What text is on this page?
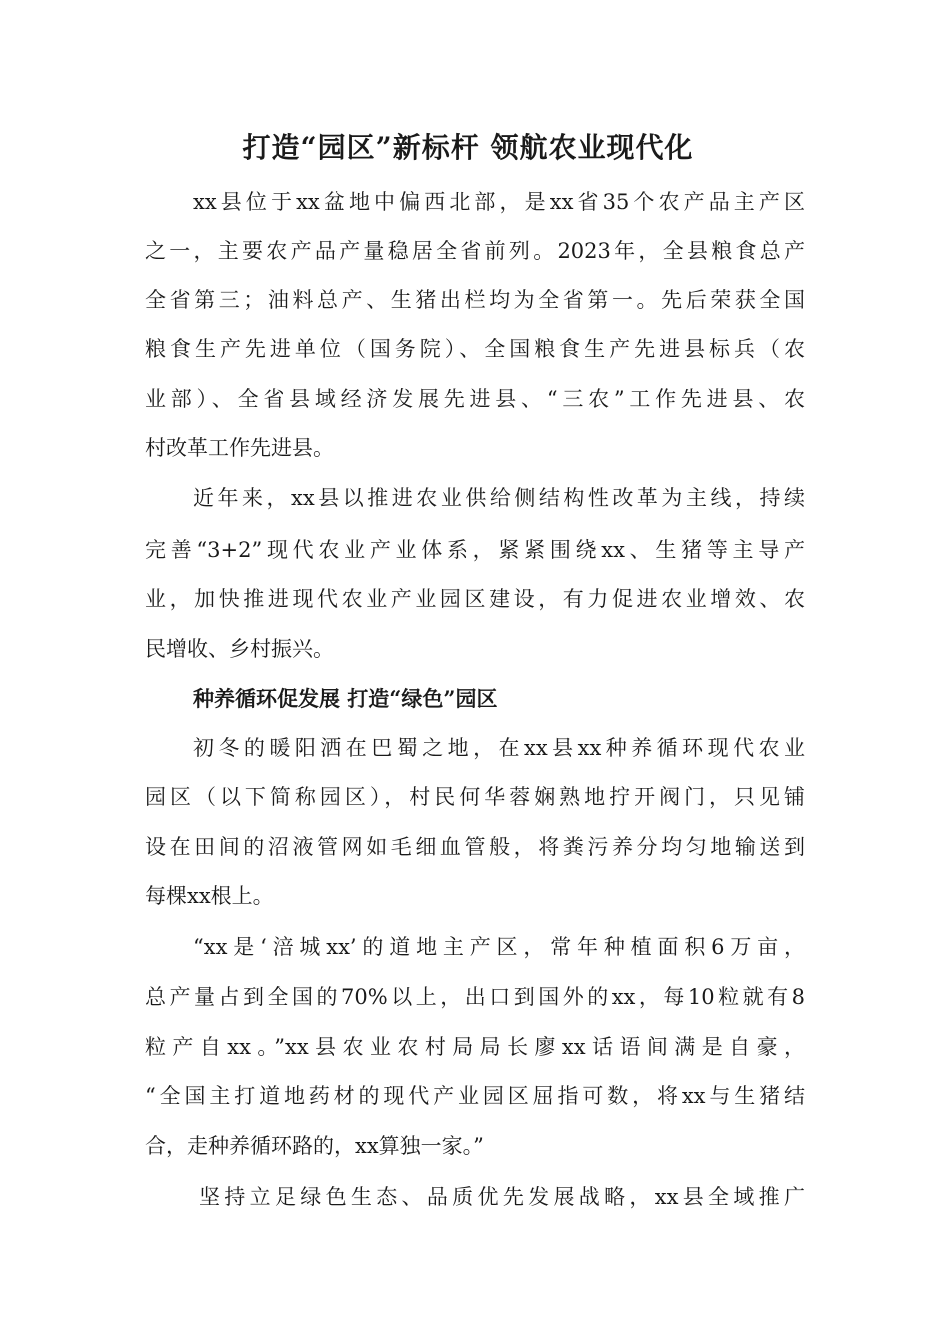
打造“园区”新标杆 领航农业现代化
xx县位于xx盆地中偏西北部，是xx省35个农产品主产区
之一，主要农产品产量稳居全省前列。2023年，全县粮食总产
全省第三；油料总产、生猪出栏均为全省第一。先后荣获全国
粮食生产先进单位（国务院）、全国粮食生产先进县标兵（农
业部）、全省县域经济发展先进县、“三农”工作先进县、农
村改革工作先进县。
近年来，xx县以推进农业供给侧结构性改革为主线，持续
完善“3+2”现代农业产业体系，紧紧围绕xx、生猪等主导产
业，加快推进现代农业产业园区建设，有力促进农业增效、农
民增收、乡村振兴。
种养循环促发展 打造“绿色”园区
初冬的暖阳洒在巴蜀之地，在xx县xx种养循环现代农业
园区（以下简称园区），村民何华蓉娴熟地拧开阀门，只见铺
设在田间的沼液管网如毛细血管般，将粪污养分均匀地输送到
每棵xx根上。
“xx是‘涪城xx’的道地主产区，常年种植面积6万亩，
总产量占到全国的70%以上，出口到国外的xx，每10粒就有8
粒产自xx。”xx县农业农村局局长廖xx话语间满是自豪，
“全国主打道地药材的现代产业园区屈指可数，将xx与生猪结
合，走种养循环路的，xx算独一家。”
坚持立足绿色生态、品质优先发展战略，xx县全域推广
